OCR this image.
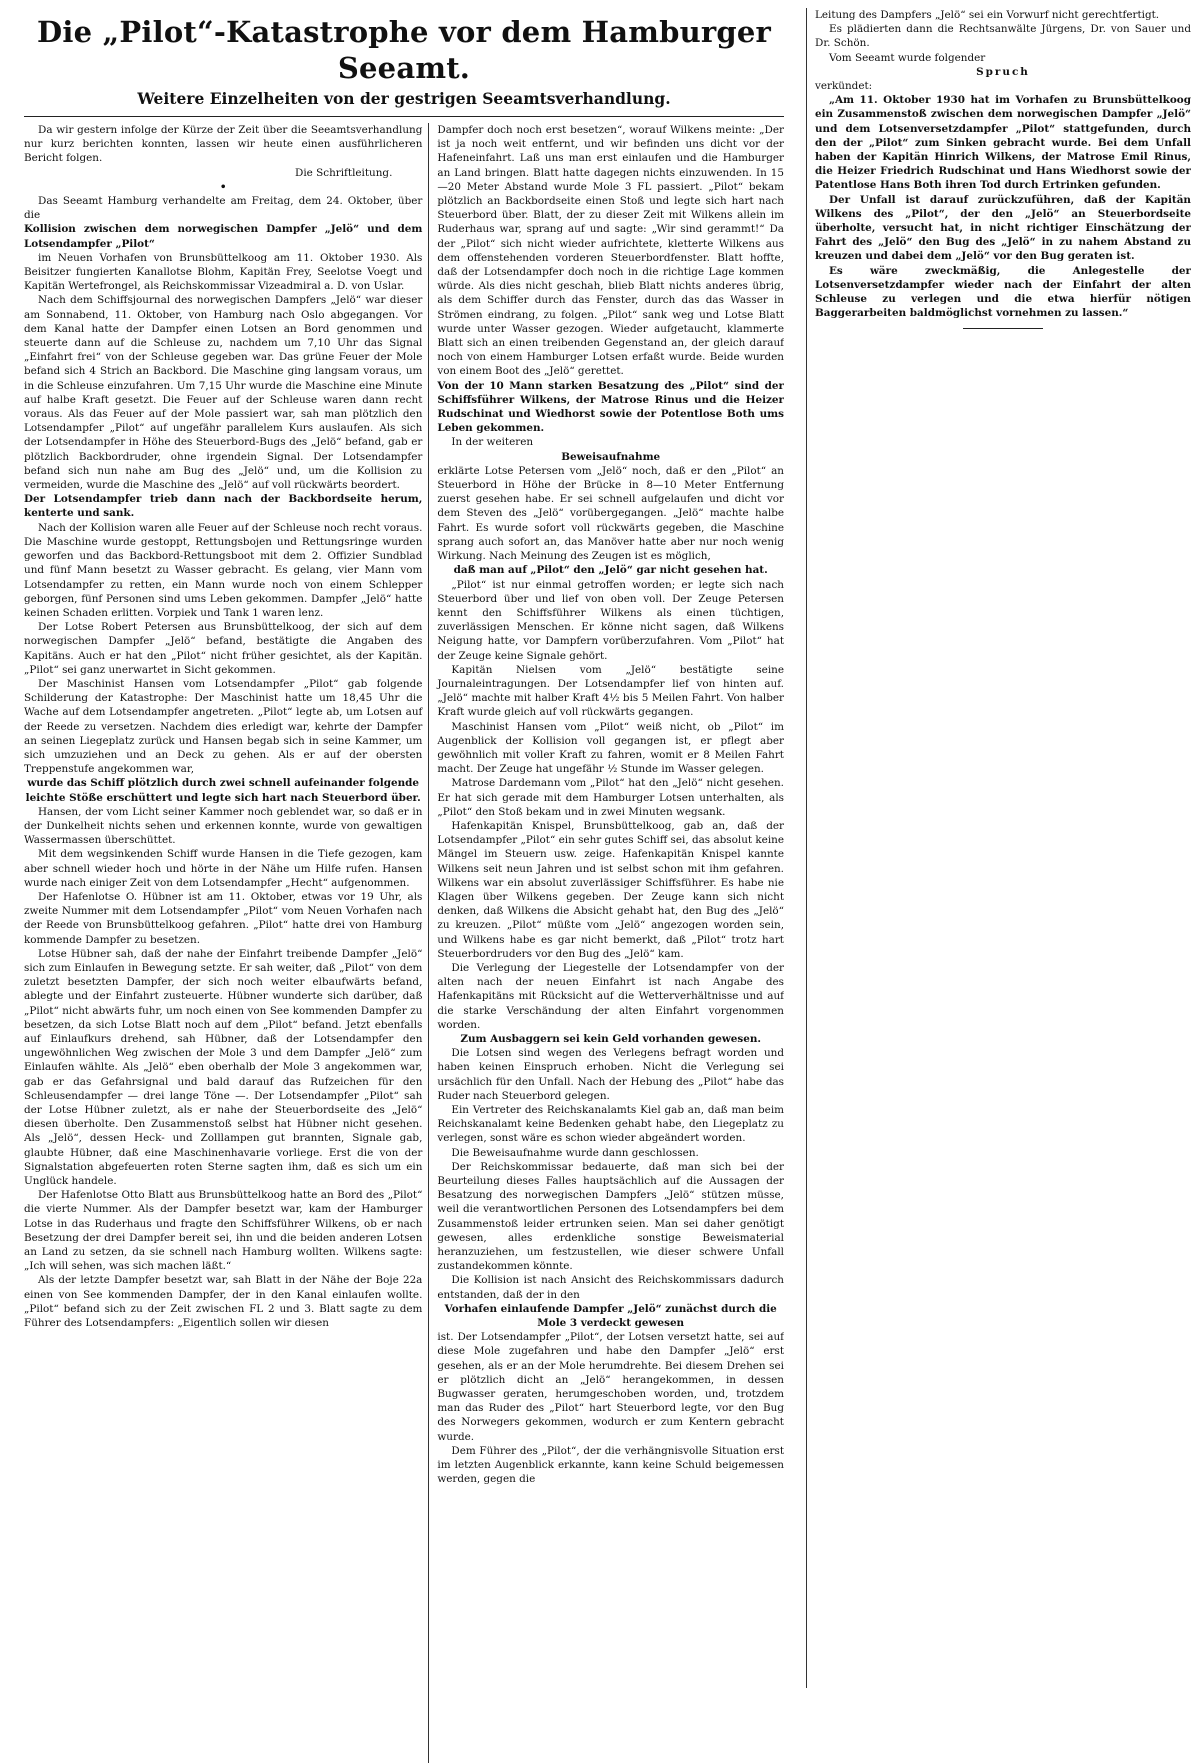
Die „Pilot“-Katastrophe vor dem Hamburger Seeamt.
Weitere Einzelheiten von der gestrigen Seeamtsverhandlung.

Da wir gestern infolge der Kürze der Zeit über die Seeamtsverhandlung nur kurz berichten konnten, lassen wir heute einen ausführlicheren Bericht folgen.

Die Schriftleitung.

•

Das Seeamt Hamburg verhandelte am Freitag, dem 24. Oktober, über die

Kollision zwischen dem norwegischen Dampfer „Jelö“ und dem Lotsendampfer „Pilot“

im Neuen Vorhafen von Brunsbüttelkoog am 11. Oktober 1930. Als Beisitzer fungierten Kanallotse Blohm, Kapitän Frey, Seelotse Voegt und Kapitän Wertefrongel, als Reichskommissar Vizeadmiral a. D. von Uslar.

Nach dem Schiffsjournal des norwegischen Dampfers „Jelö“ war dieser am Sonnabend, 11. Oktober, von Hamburg nach Oslo abgegangen. Vor dem Kanal hatte der Dampfer einen Lotsen an Bord genommen und steuerte dann auf die Schleuse zu, nachdem um 7,10 Uhr das Signal „Einfahrt frei“ von der Schleuse gegeben war. Das grüne Feuer der Mole befand sich 4 Strich an Backbord. Die Maschine ging langsam voraus, um in die Schleuse einzufahren. Um 7,15 Uhr wurde die Maschine eine Minute auf halbe Kraft gesetzt. Die Feuer auf der Schleuse waren dann recht voraus. Als das Feuer auf der Mole passiert war, sah man plötzlich den Lotsendampfer „Pilot“ auf ungefähr parallelem Kurs auslaufen. Als sich der Lotsendampfer in Höhe des Steuerbord-Bugs des „Jelö“ befand, gab er plötzlich Backbordruder, ohne irgendein Signal. Der Lotsendampfer befand sich nun nahe am Bug des „Jelö“ und, um die Kollision zu vermeiden, wurde die Maschine des „Jelö“ auf voll rückwärts beordert.

Der Lotsendampfer trieb dann nach der Backbordseite herum, kenterte und sank.

Nach der Kollision waren alle Feuer auf der Schleuse noch recht voraus. Die Maschine wurde gestoppt, Rettungsbojen und Rettungsringe wurden geworfen und das Backbord-Rettungsboot mit dem 2. Offizier Sundblad und fünf Mann besetzt zu Wasser gebracht. Es gelang, vier Mann vom Lotsendampfer zu retten, ein Mann wurde noch von einem Schlepper geborgen, fünf Personen sind ums Leben gekommen. Dampfer „Jelö“ hatte keinen Schaden erlitten. Vorpiek und Tank 1 waren lenz.

Der Lotse Robert Petersen aus Brunsbüttelkoog, der sich auf dem norwegischen Dampfer „Jelö“ befand, bestätigte die Angaben des Kapitäns. Auch er hat den „Pilot“ nicht früher gesichtet, als der Kapitän. „Pilot“ sei ganz unerwartet in Sicht gekommen.

Der Maschinist Hansen vom Lotsendampfer „Pilot“ gab folgende Schilderung der Katastrophe: Der Maschinist hatte um 18,45 Uhr die Wache auf dem Lotsendampfer angetreten. „Pilot“ legte ab, um Lotsen auf der Reede zu versetzen. Nachdem dies erledigt war, kehrte der Dampfer an seinen Liegeplatz zurück und Hansen begab sich in seine Kammer, um sich umzuziehen und an Deck zu gehen. Als er auf der obersten Treppenstufe angekommen war,

wurde das Schiff plötzlich durch zwei schnell aufeinander folgende leichte Stöße erschüttert und legte sich hart nach Steuerbord über.

Hansen, der vom Licht seiner Kammer noch geblendet war, so daß er in der Dunkelheit nichts sehen und erkennen konnte, wurde von gewaltigen Wassermassen überschüttet.

Mit dem wegsinkenden Schiff wurde Hansen in die Tiefe gezogen, kam aber schnell wieder hoch und hörte in der Nähe um Hilfe rufen. Hansen wurde nach einiger Zeit von dem Lotsendampfer „Hecht“ aufgenommen.

Der Hafenlotse O. Hübner ist am 11. Oktober, etwas vor 19 Uhr, als zweite Nummer mit dem Lotsendampfer „Pilot“ vom Neuen Vorhafen nach der Reede von Brunsbüttelkoog gefahren. „Pilot“ hatte drei von Hamburg kommende Dampfer zu besetzen.

Lotse Hübner sah, daß der nahe der Einfahrt treibende Dampfer „Jelö“ sich zum Einlaufen in Bewegung setzte. Er sah weiter, daß „Pilot“ von dem zuletzt besetzten Dampfer, der sich noch weiter elbaufwärts befand, ablegte und der Einfahrt zusteuerte. Hübner wunderte sich darüber, daß „Pilot“ nicht abwärts fuhr, um noch einen von See kommenden Dampfer zu besetzen, da sich Lotse Blatt noch auf dem „Pilot“ befand. Jetzt ebenfalls auf Einlaufkurs drehend, sah Hübner, daß der Lotsendampfer den ungewöhnlichen Weg zwischen der Mole 3 und dem Dampfer „Jelö“ zum Einlaufen wählte. Als „Jelö“ eben oberhalb der Mole 3 angekommen war, gab er das Gefahrsignal und bald darauf das Rufzeichen für den Schleusendampfer — drei lange Töne —. Der Lotsendampfer „Pilot“ sah der Lotse Hübner zuletzt, als er nahe der Steuerbordseite des „Jelö“ diesen überholte. Den Zusammenstoß selbst hat Hübner nicht gesehen. Als „Jelö“, dessen Heck- und Zolllampen gut brannten, Signale gab, glaubte Hübner, daß eine Maschinenhavarie vorliege. Erst die von der Signalstation abgefeuerten roten Sterne sagten ihm, daß es sich um ein Unglück handele.

Der Hafenlotse Otto Blatt aus Brunsbüttelkoog hatte an Bord des „Pilot“ die vierte Nummer. Als der Dampfer besetzt war, kam der Hamburger Lotse in das Ruderhaus und fragte den Schiffsführer Wilkens, ob er nach Besetzung der drei Dampfer bereit sei, ihn und die beiden anderen Lotsen an Land zu setzen, da sie schnell nach Hamburg wollten. Wilkens sagte: „Ich will sehen, was sich machen läßt.“

Als der letzte Dampfer besetzt war, sah Blatt in der Nähe der Boje 22a einen von See kommenden Dampfer, der in den Kanal einlaufen wollte. „Pilot“ befand sich zu der Zeit zwischen FL 2 und 3. Blatt sagte zu dem Führer des Lotsendampfers: „Eigentlich sollen wir diesen

Dampfer doch noch erst besetzen“, worauf Wilkens meinte: „Der ist ja noch weit entfernt, und wir befinden uns dicht vor der Hafeneinfahrt. Laß uns man erst einlaufen und die Hamburger an Land bringen. Blatt hatte dagegen nichts einzuwenden. In 15—20 Meter Abstand wurde Mole 3 FL passiert. „Pilot“ bekam plötzlich an Backbordseite einen Stoß und legte sich hart nach Steuerbord über. Blatt, der zu dieser Zeit mit Wilkens allein im Ruderhaus war, sprang auf und sagte: „Wir sind gerammt!“ Da der „Pilot“ sich nicht wieder aufrichtete, kletterte Wilkens aus dem offenstehenden vorderen Steuerbordfenster. Blatt hoffte, daß der Lotsendampfer doch noch in die richtige Lage kommen würde. Als dies nicht geschah, blieb Blatt nichts anderes übrig, als dem Schiffer durch das Fenster, durch das das Wasser in Strömen eindrang, zu folgen. „Pilot“ sank weg und Lotse Blatt wurde unter Wasser gezogen. Wieder aufgetaucht, klammerte Blatt sich an einen treibenden Gegenstand an, der gleich darauf noch von einem Hamburger Lotsen erfaßt wurde. Beide wurden von einem Boot des „Jelö“ gerettet.

Von der 10 Mann starken Besatzung des „Pilot“ sind der Schiffsführer Wilkens, der Matrose Rinus und die Heizer Rudschinat und Wiedhorst sowie der Potentlose Both ums Leben gekommen.

In der weiteren

Beweisaufnahme

erklärte Lotse Petersen vom „Jelö“ noch, daß er den „Pilot“ an Steuerbord in Höhe der Brücke in 8—10 Meter Entfernung zuerst gesehen habe. Er sei schnell aufgelaufen und dicht vor dem Steven des „Jelö“ vorübergegangen. „Jelö“ machte halbe Fahrt. Es wurde sofort voll rückwärts gegeben, die Maschine sprang auch sofort an, das Manöver hatte aber nur noch wenig Wirkung. Nach Meinung des Zeugen ist es möglich,

daß man auf „Pilot“ den „Jelö“ gar nicht gesehen hat.

„Pilot“ ist nur einmal getroffen worden; er legte sich nach Steuerbord über und lief von oben voll. Der Zeuge Petersen kennt den Schiffsführer Wilkens als einen tüchtigen, zuverlässigen Menschen. Er könne nicht sagen, daß Wilkens Neigung hatte, vor Dampfern vorüberzufahren. Vom „Pilot“ hat der Zeuge keine Signale gehört.

Kapitän Nielsen vom „Jelö“ bestätigte seine Journaleintragungen. Der Lotsendampfer lief von hinten auf. „Jelö“ machte mit halber Kraft 4½ bis 5 Meilen Fahrt. Von halber Kraft wurde gleich auf voll rückwärts gegangen.

Maschinist Hansen vom „Pilot“ weiß nicht, ob „Pilot“ im Augenblick der Kollision voll gegangen ist, er pflegt aber gewöhnlich mit voller Kraft zu fahren, womit er 8 Meilen Fahrt macht. Der Zeuge hat ungefähr ½ Stunde im Wasser gelegen.

Matrose Dardemann vom „Pilot“ hat den „Jelö“ nicht gesehen. Er hat sich gerade mit dem Hamburger Lotsen unterhalten, als „Pilot“ den Stoß bekam und in zwei Minuten wegsank.

Hafenkapitän Knispel, Brunsbüttelkoog, gab an, daß der Lotsendampfer „Pilot“ ein sehr gutes Schiff sei, das absolut keine Mängel im Steuern usw. zeige. Hafenkapitän Knispel kannte Wilkens seit neun Jahren und ist selbst schon mit ihm gefahren. Wilkens war ein absolut zuverlässiger Schiffsführer. Es habe nie Klagen über Wilkens gegeben. Der Zeuge kann sich nicht denken, daß Wilkens die Absicht gehabt hat, den Bug des „Jelö“ zu kreuzen. „Pilot“ müßte vom „Jelö“ angezogen worden sein, und Wilkens habe es gar nicht bemerkt, daß „Pilot“ trotz hart Steuerbordruders vor den Bug des „Jelö“ kam.

Die Verlegung der Liegestelle der Lotsendampfer von der alten nach der neuen Einfahrt ist nach Angabe des Hafenkapitäns mit Rücksicht auf die Wetterverhältnisse und auf die starke Verschändung der alten Einfahrt vorgenommen worden.

Zum Ausbaggern sei kein Geld vorhanden gewesen.

Die Lotsen sind wegen des Verlegens befragt worden und haben keinen Einspruch erhoben. Nicht die Verlegung sei ursächlich für den Unfall. Nach der Hebung des „Pilot“ habe das Ruder nach Steuerbord gelegen.

Ein Vertreter des Reichskanalamts Kiel gab an, daß man beim Reichskanalamt keine Bedenken gehabt habe, den Liegeplatz zu verlegen, sonst wäre es schon wieder abgeändert worden.

Die Beweisaufnahme wurde dann geschlossen.

Der Reichskommissar bedauerte, daß man sich bei der Beurteilung dieses Falles hauptsächlich auf die Aussagen der Besatzung des norwegischen Dampfers „Jelö“ stützen müsse, weil die verantwortlichen Personen des Lotsendampfers bei dem Zusammenstoß leider ertrunken seien. Man sei daher genötigt gewesen, alles erdenkliche sonstige Beweismaterial heranzuziehen, um festzustellen, wie dieser schwere Unfall zustandekommen könnte.

Die Kollision ist nach Ansicht des Reichskommissars dadurch entstanden, daß der in den

Vorhafen einlaufende Dampfer „Jelö“ zunächst durch die Mole 3 verdeckt gewesen

ist. Der Lotsendampfer „Pilot“, der Lotsen versetzt hatte, sei auf diese Mole zugefahren und habe den Dampfer „Jelö“ erst gesehen, als er an der Mole herumdrehte. Bei diesem Drehen sei er plötzlich dicht an „Jelö“ herangekommen, in dessen Bugwasser geraten, herumgeschoben worden, und, trotzdem man das Ruder des „Pilot“ hart Steuerbord legte, vor den Bug des Norwegers gekommen, wodurch er zum Kentern gebracht wurde.

Dem Führer des „Pilot“, der die verhängnisvolle Situation erst im letzten Augenblick erkannte, kann keine Schuld beigemessen werden, gegen die

Leitung des Dampfers „Jelö“ sei ein Vorwurf nicht gerechtfertigt.

Es plädierten dann die Rechtsanwälte Jürgens, Dr. von Sauer und Dr. Schön.

Vom Seeamt wurde folgender

Spruch

verkündet:

„Am 11. Oktober 1930 hat im Vorhafen zu Brunsbüttelkoog ein Zusammenstoß zwischen dem norwegischen Dampfer „Jelö“ und dem Lotsenversetzdampfer „Pilot“ stattgefunden, durch den der „Pilot“ zum Sinken gebracht wurde. Bei dem Unfall haben der Kapitän Hinrich Wilkens, der Matrose Emil Rinus, die Heizer Friedrich Rudschinat und Hans Wiedhorst sowie der Patentlose Hans Both ihren Tod durch Ertrinken gefunden.

Der Unfall ist darauf zurückzuführen, daß der Kapitän Wilkens des „Pilot“, der den „Jelö“ an Steuerbordseite überholte, versucht hat, in nicht richtiger Einschätzung der Fahrt des „Jelö“ den Bug des „Jelö“ in zu nahem Abstand zu kreuzen und dabei dem „Jelö“ vor den Bug geraten ist.

Es wäre zweckmäßig, die Anlegestelle der Lotsenversetzdampfer wieder nach der Einfahrt der alten Schleuse zu verlegen und die etwa hierfür nötigen Baggerarbeiten baldmöglichst vornehmen zu lassen.“
